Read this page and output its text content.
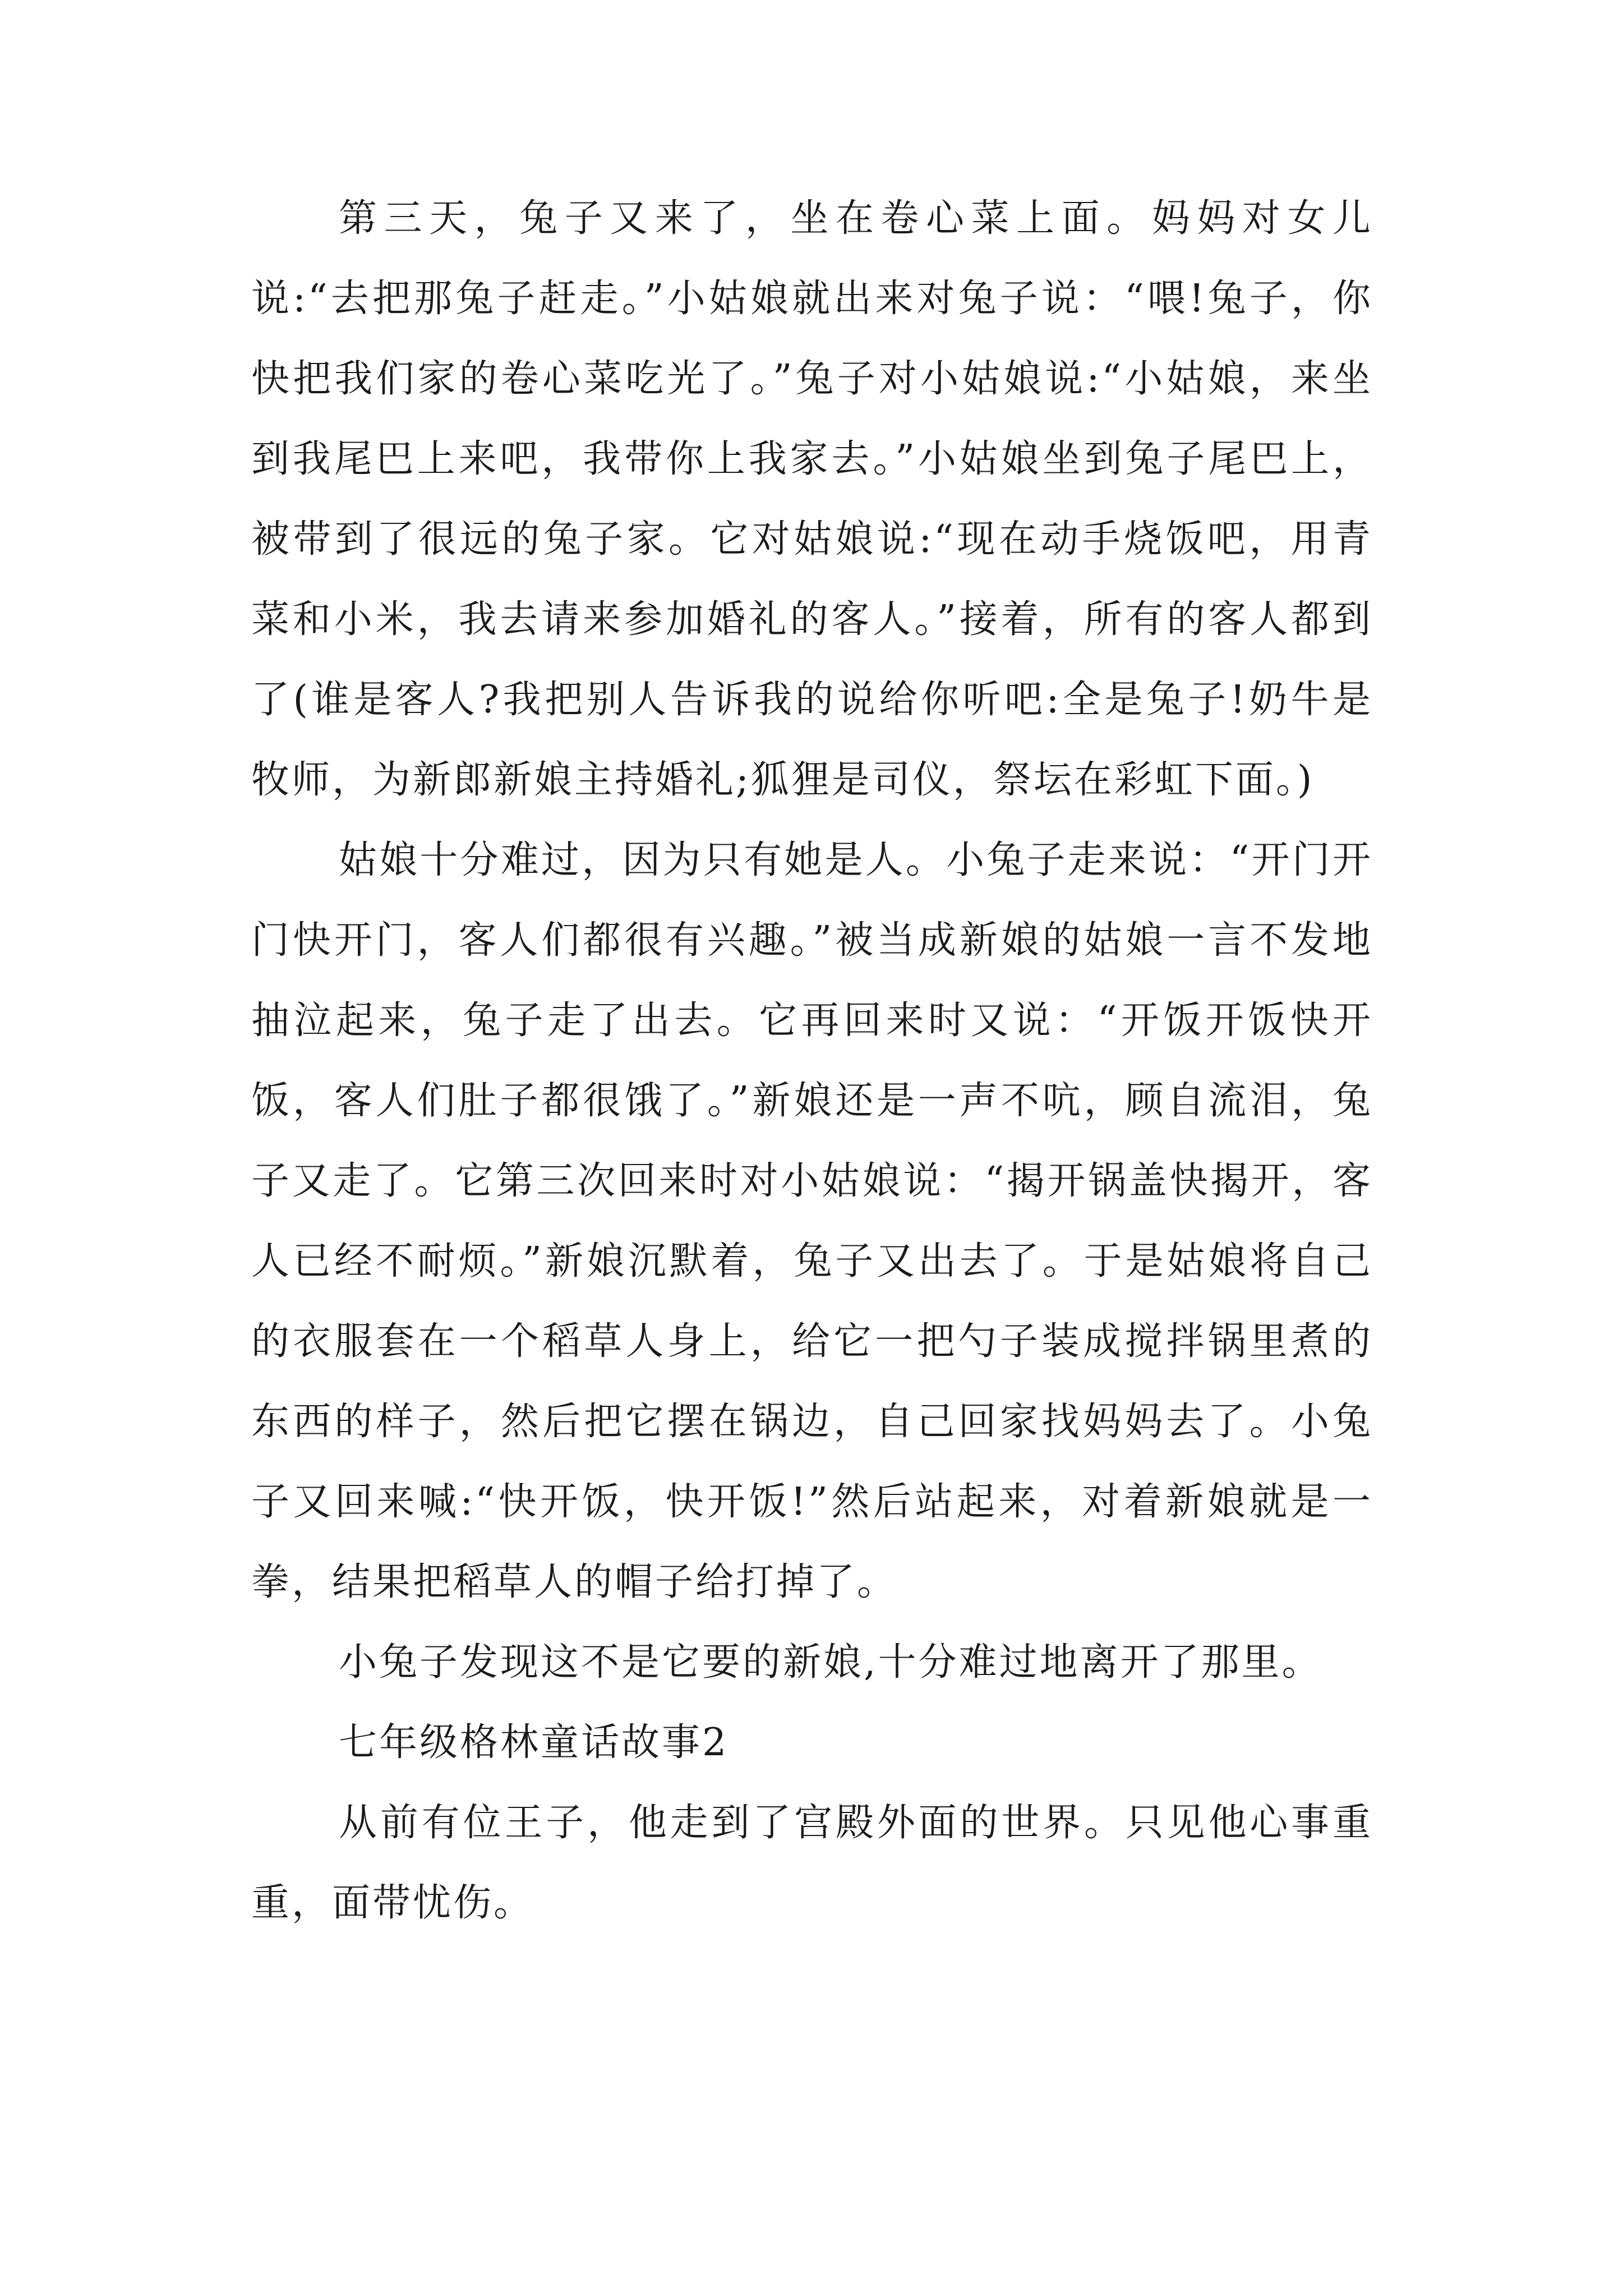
第三天，兔子又来了，坐在卷心菜上面。妈妈对女儿说:“去把那兔子赶走。”小姑娘就出来对兔子说：“喂!兔子，你快把我们家的卷心菜吃光了。”兔子对小姑娘说:“小姑娘，来坐到我尾巴上来吧，我带你上我家去。”小姑娘坐到兔子尾巴上，被带到了很远的兔子家。它对姑娘说:“现在动手烧饭吧，用青菜和小米，我去请来参加婚礼的客人。”接着，所有的客人都到了(谁是客人?我把别人告诉我的说给你听吧:全是兔子!奶牛是牧师，为新郎新娘主持婚礼;狐狸是司仪，祭坛在彩虹下面。)

姑娘十分难过，因为只有她是人。小兔子走来说：“开门开门快开门，客人们都很有兴趣。”被当成新娘的姑娘一言不发地抽泣起来，兔子走了出去。它再回来时又说：“开饭开饭快开饭，客人们肚子都很饿了。”新娘还是一声不吭，顾自流泪，兔子又走了。它第三次回来时对小姑娘说：“揭开锅盖快揭开，客人已经不耐烦。”新娘沉默着，兔子又出去了。于是姑娘将自己的衣服套在一个稻草人身上，给它一把勺子装成搅拌锅里煮的东西的样子，然后把它摆在锅边，自己回家找妈妈去了。小兔子又回来喊:“快开饭，快开饭!”然后站起来，对着新娘就是一拳，结果把稻草人的帽子给打掉了。

小兔子发现这不是它要的新娘,十分难过地离开了那里。

七年级格林童话故事2

从前有位王子，他走到了宫殿外面的世界。只见他心事重重，面带忧伤。
